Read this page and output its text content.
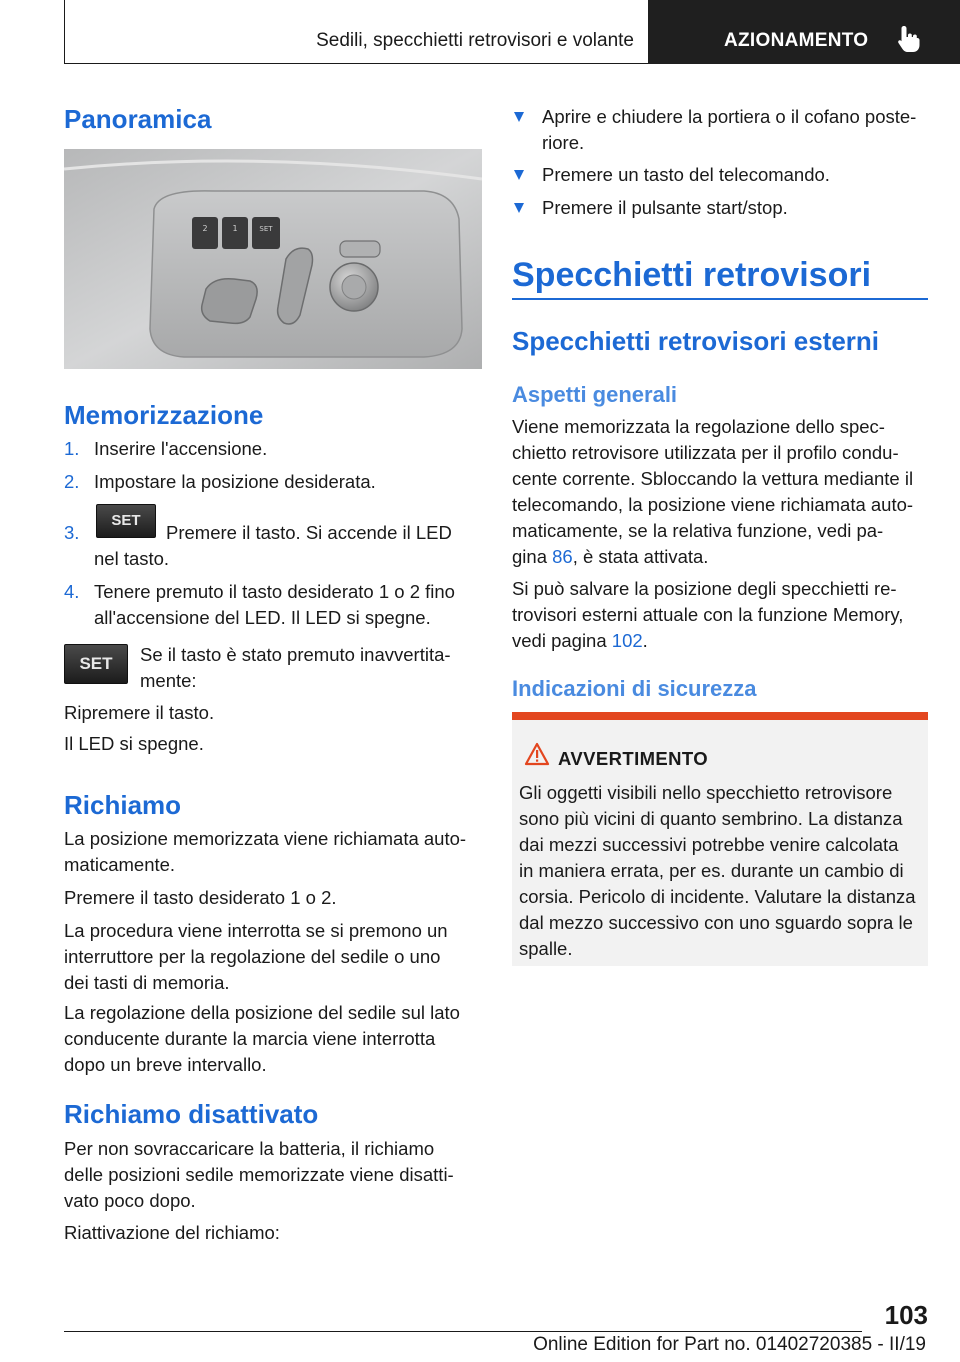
Sedili, specchietti retrovisori e volante	AZIONAMENTO
Panoramica
2	1	SET
Memorizzazione
1. Inserire l'accensione.
2. Impostare la posizione desiderata.
3.
SET
Premere il tasto. Si accende il LED
nel tasto.
4. Tenere premuto il tasto desiderato 1 o 2 fino
all'accensione del LED. Il LED si spegne.
SET	Se il tasto è stato premuto inavvertita-
mente:
Ripremere il tasto.
Il LED si spegne.
Richiamo
La posizione memorizzata viene richiamata auto-
maticamente.
Premere il tasto desiderato 1 o 2.
La procedura viene interrotta se si premono un
interruttore per la regolazione del sedile o uno
dei tasti di memoria.
La regolazione della posizione del sedile sul lato
conducente durante la marcia viene interrotta
dopo un breve intervallo.
Richiamo disattivato
Per non sovraccaricare la batteria, il richiamo
delle posizioni sedile memorizzate viene disatti-
vato poco dopo.
Riattivazione del richiamo:
Aprire e chiudere la portiera o il cofano poste-
riore.
Premere un tasto del telecomando.
Premere il pulsante start/stop.
Specchietti retrovisori
Specchietti retrovisori esterni
Aspetti generali
Viene memorizzata la regolazione dello spec-
chietto retrovisore utilizzata per il profilo condu-
cente corrente. Sbloccando la vettura mediante il
telecomando, la posizione viene richiamata auto-
maticamente, se la relativa funzione, vedi pa-
gina 86, è stata attivata.
Si può salvare la posizione degli specchietti re-
trovisori esterni attuale con la funzione Memory,
vedi pagina 102.
Indicazioni di sicurezza
AVVERTIMENTO
Gli oggetti visibili nello specchietto retrovisore
sono più vicini di quanto sembrino. La distanza
dai mezzi successivi potrebbe venire calcolata
in maniera errata, per es. durante un cambio di
corsia. Pericolo di incidente. Valutare la distanza
dal mezzo successivo con uno sguardo sopra le
spalle.
103
Online Edition for Part no. 01402720385 - II/19
